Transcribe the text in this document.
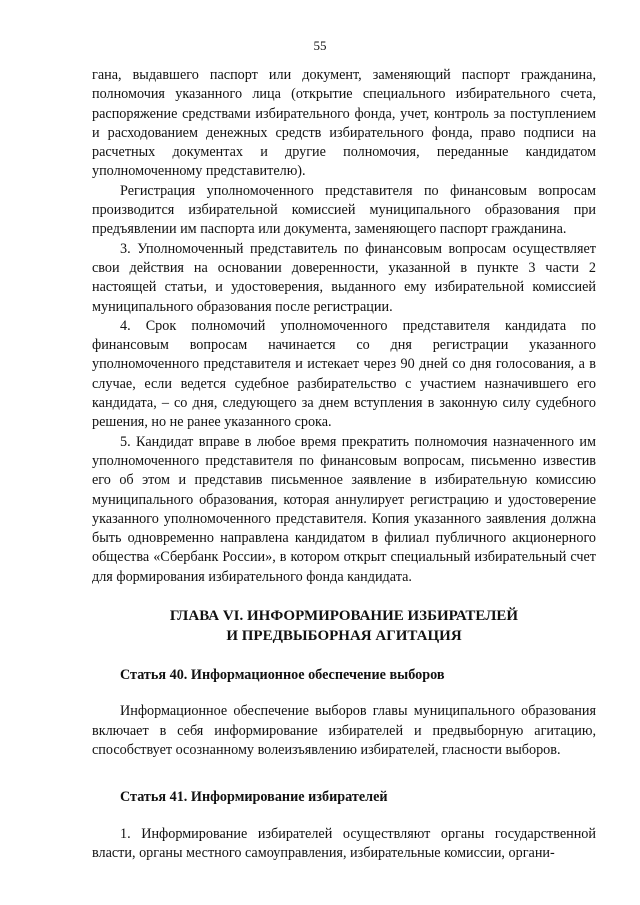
55

гана, выдавшего паспорт или документ, заменяющий паспорт гражданина, полномочия указанного лица (открытие специального избирательного счета, распоряжение средствами избирательного фонда, учет, контроль за поступлением и расходованием денежных средств избирательного фонда, право подписи на расчетных документах и другие полномочия, переданные кандидатом уполномоченному представителю).

Регистрация уполномоченного представителя по финансовым вопросам производится избирательной комиссией муниципального образования при предъявлении им паспорта или документа, заменяющего паспорт гражданина.

3. Уполномоченный представитель по финансовым вопросам осуществляет свои действия на основании доверенности, указанной в пункте 3 части 2 настоящей статьи, и удостоверения, выданного ему избирательной комиссией муниципального образования после регистрации.

4. Срок полномочий уполномоченного представителя кандидата по финансовым вопросам начинается со дня регистрации указанного уполномоченного представителя и истекает через 90 дней со дня голосования, а в случае, если ведется судебное разбирательство с участием назначившего его кандидата, – со дня, следующего за днем вступления в законную силу судебного решения, но не ранее указанного срока.

5. Кандидат вправе в любое время прекратить полномочия назначенного им уполномоченного представителя по финансовым вопросам, письменно известив его об этом и представив письменное заявление в избирательную комиссию муниципального образования, которая аннулирует регистрацию и удостоверение указанного уполномоченного представителя. Копия указанного заявления должна быть одновременно направлена кандидатом в филиал публичного акционерного общества «Сбербанк России», в котором открыт специальный избирательный счет для формирования избирательного фонда кандидата.

ГЛАВА VI. ИНФОРМИРОВАНИЕ ИЗБИРАТЕЛЕЙ
И ПРЕДВЫБОРНАЯ АГИТАЦИЯ

Статья 40. Информационное обеспечение выборов

Информационное обеспечение выборов главы муниципального образования включает в себя информирование избирателей и предвыборную агитацию, способствует осознанному волеизъявлению избирателей, гласности выборов.

Статья 41. Информирование избирателей

1. Информирование избирателей осуществляют органы государственной власти, органы местного самоуправления, избирательные комиссии, органи-
